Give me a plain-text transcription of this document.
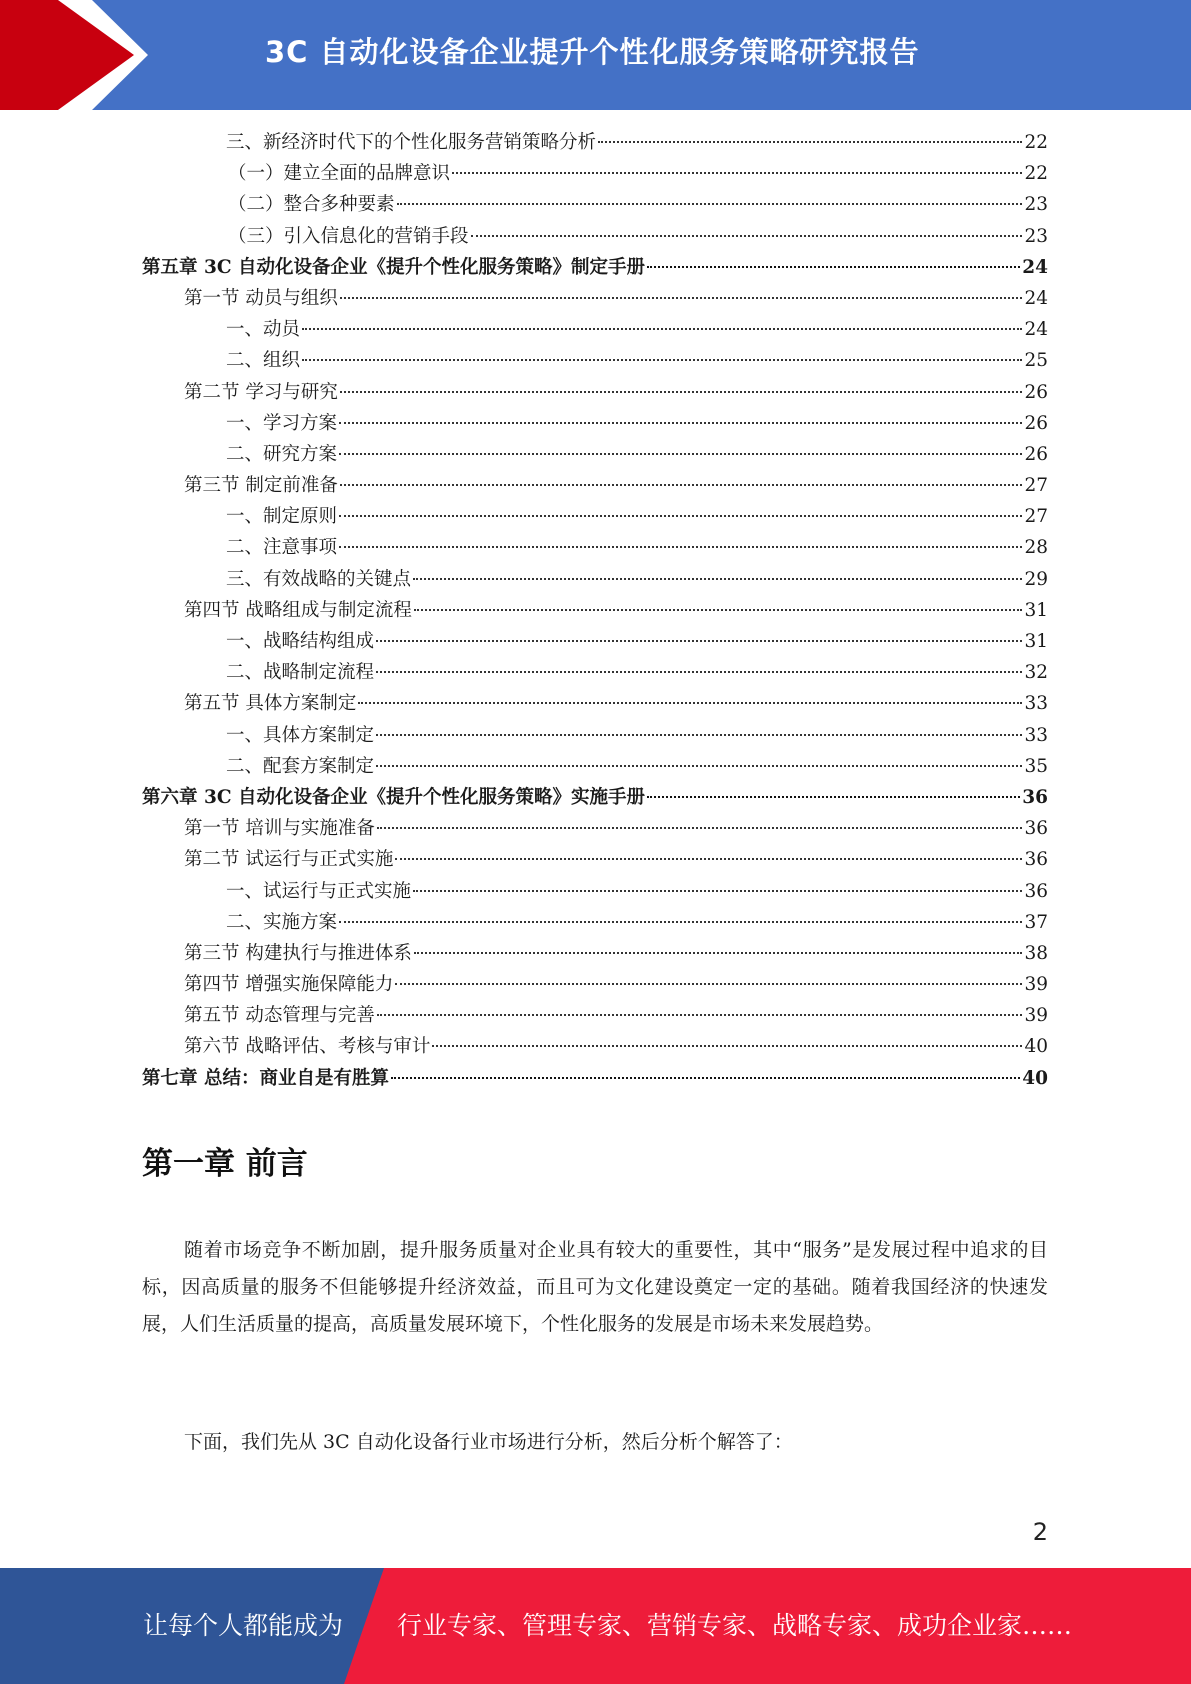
3C 自动化设备企业提升个性化服务策略研究报告
三、新经济时代下的个性化服务营销策略分析	22
（一）建立全面的品牌意识	22
（二）整合多种要素	23
（三）引入信息化的营销手段	23
第五章 3C 自动化设备企业《提升个性化服务策略》制定手册	24
第一节 动员与组织	24
一、动员	24
二、组织	25
第二节 学习与研究	26
一、学习方案	26
二、研究方案	26
第三节 制定前准备	27
一、制定原则	27
二、注意事项	28
三、有效战略的关键点	29
第四节 战略组成与制定流程	31
一、战略结构组成	31
二、战略制定流程	32
第五节 具体方案制定	33
一、具体方案制定	33
二、配套方案制定	35
第六章 3C 自动化设备企业《提升个性化服务策略》实施手册	36
第一节 培训与实施准备	36
第二节 试运行与正式实施	36
一、试运行与正式实施	36
二、实施方案	37
第三节 构建执行与推进体系	38
第四节 增强实施保障能力	39
第五节 动态管理与完善	39
第六节 战略评估、考核与审计	40
第七章 总结：商业自是有胜算	40
第一章 前言

随着市场竞争不断加剧，提升服务质量对企业具有较大的重要性，其中“服务”是发展过程中追求的目标，因高质量的服务不但能够提升经济效益，而且可为文化建设奠定一定的基础。随着我国经济的快速发展，人们生活质量的提高，高质量发展环境下，个性化服务的发展是市场未来发展趋势。

下面，我们先从 3C 自动化设备行业市场进行分析，然后分析个解答了：

2
让每个人都能成为 行业专家、管理专家、营销专家、战略专家、成功企业家……
